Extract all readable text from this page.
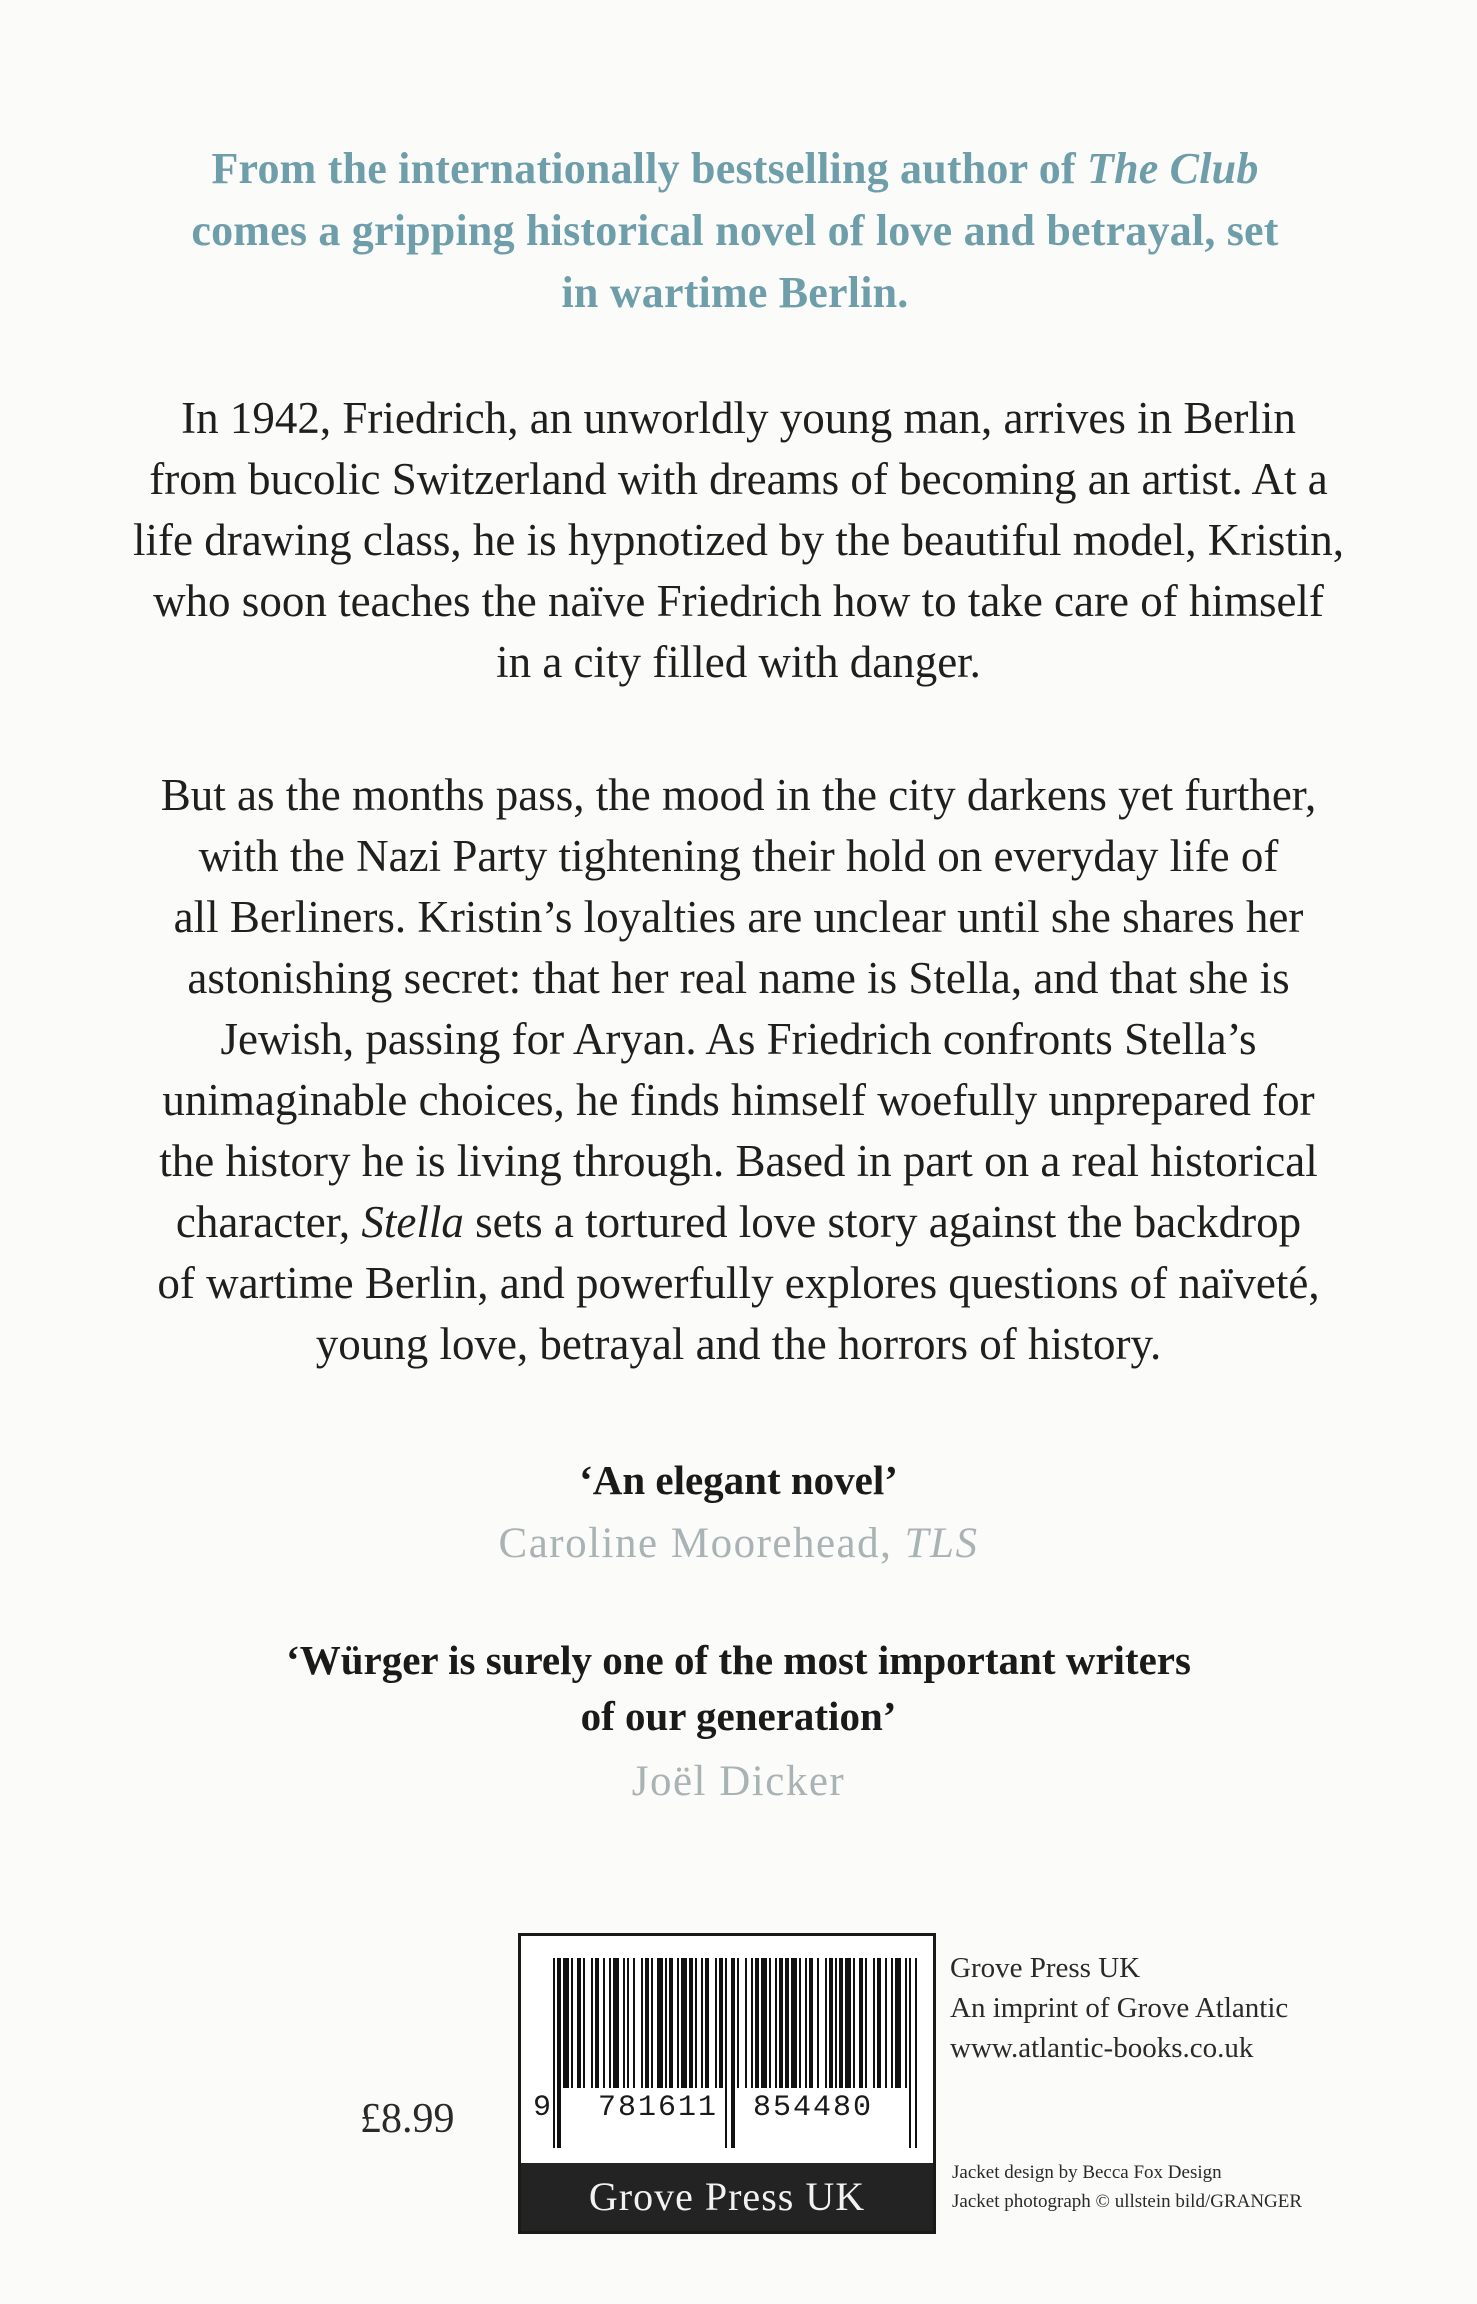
From the internationally bestselling author of The Club
comes a gripping historical novel of love and betrayal, set
in wartime Berlin.
In 1942, Friedrich, an unworldly young man, arrives in Berlin
from bucolic Switzerland with dreams of becoming an artist. At a
life drawing class, he is hypnotized by the beautiful model, Kristin,
who soon teaches the naïve Friedrich how to take care of himself
in a city filled with danger.
But as the months pass, the mood in the city darkens yet further,
with the Nazi Party tightening their hold on everyday life of
all Berliners. Kristin’s loyalties are unclear until she shares her
astonishing secret: that her real name is Stella, and that she is
Jewish, passing for Aryan. As Friedrich confronts Stella’s
unimaginable choices, he finds himself woefully unprepared for
the history he is living through. Based in part on a real historical
character, Stella sets a tortured love story against the backdrop
of wartime Berlin, and powerfully explores questions of naïveté,
young love, betrayal and the horrors of history.
‘An elegant novel’
Caroline Moorehead, TLS
‘Würger is surely one of the most important writers
of our generation’
Joël Dicker
£8.99	9 781611 854480
Grove Press UK
Grove Press UK
An imprint of Grove Atlantic
www.atlantic-books.co.uk
Jacket design by Becca Fox Design
Jacket photograph © ullstein bild/GRANGER
